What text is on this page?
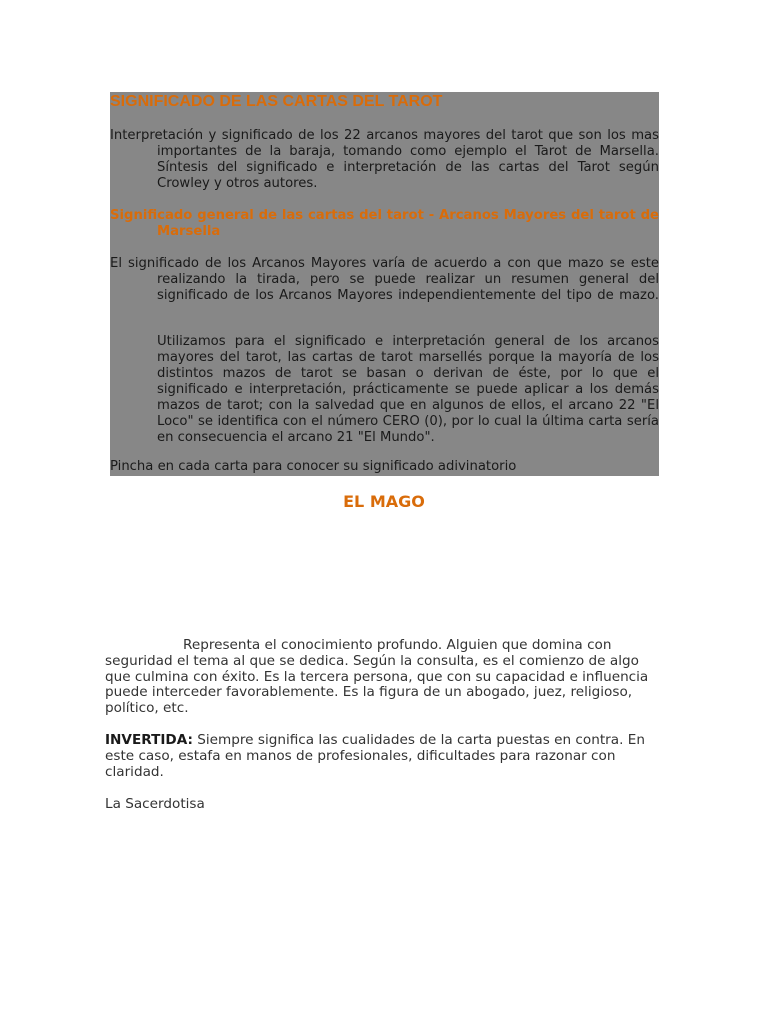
SIGNIFICADO DE LAS CARTAS DEL TAROT

Interpretación y significado de los 22 arcanos mayores del tarot que son los mas importantes de la baraja, tomando como ejemplo el Tarot de Marsella. Síntesis del significado e interpretación de las cartas del Tarot según Crowley y otros autores.

Significado general de las cartas del tarot - Arcanos Mayores del tarot de Marsella

El significado de los Arcanos Mayores varía de acuerdo a con que mazo se este realizando la tirada, pero se puede realizar un resumen general del significado de los Arcanos Mayores independientemente del tipo de mazo.

Utilizamos para el significado e interpretación general de los arcanos mayores del tarot, las cartas de tarot marsellés porque la mayoría de los distintos mazos de tarot se basan o derivan de éste, por lo que el significado e interpretación, prácticamente se puede aplicar a los demás mazos de tarot; con la salvedad que en algunos de ellos, el arcano 22 "El Loco" se identifica con el número CERO (0), por lo cual la última carta sería en consecuencia el arcano 21 "El Mundo".

Pincha en cada carta para conocer su significado adivinatorio

EL MAGO

Representa el conocimiento profundo. Alguien que domina con seguridad el tema al que se dedica. Según la consulta, es el comienzo de algo que culmina con éxito. Es la tercera persona, que con su capacidad e influencia puede interceder favorablemente. Es la figura de un abogado, juez, religioso, político, etc.

INVERTIDA: Siempre significa las cualidades de la carta puestas en contra. En este caso, estafa en manos de profesionales, dificultades para razonar con claridad.

La Sacerdotisa
